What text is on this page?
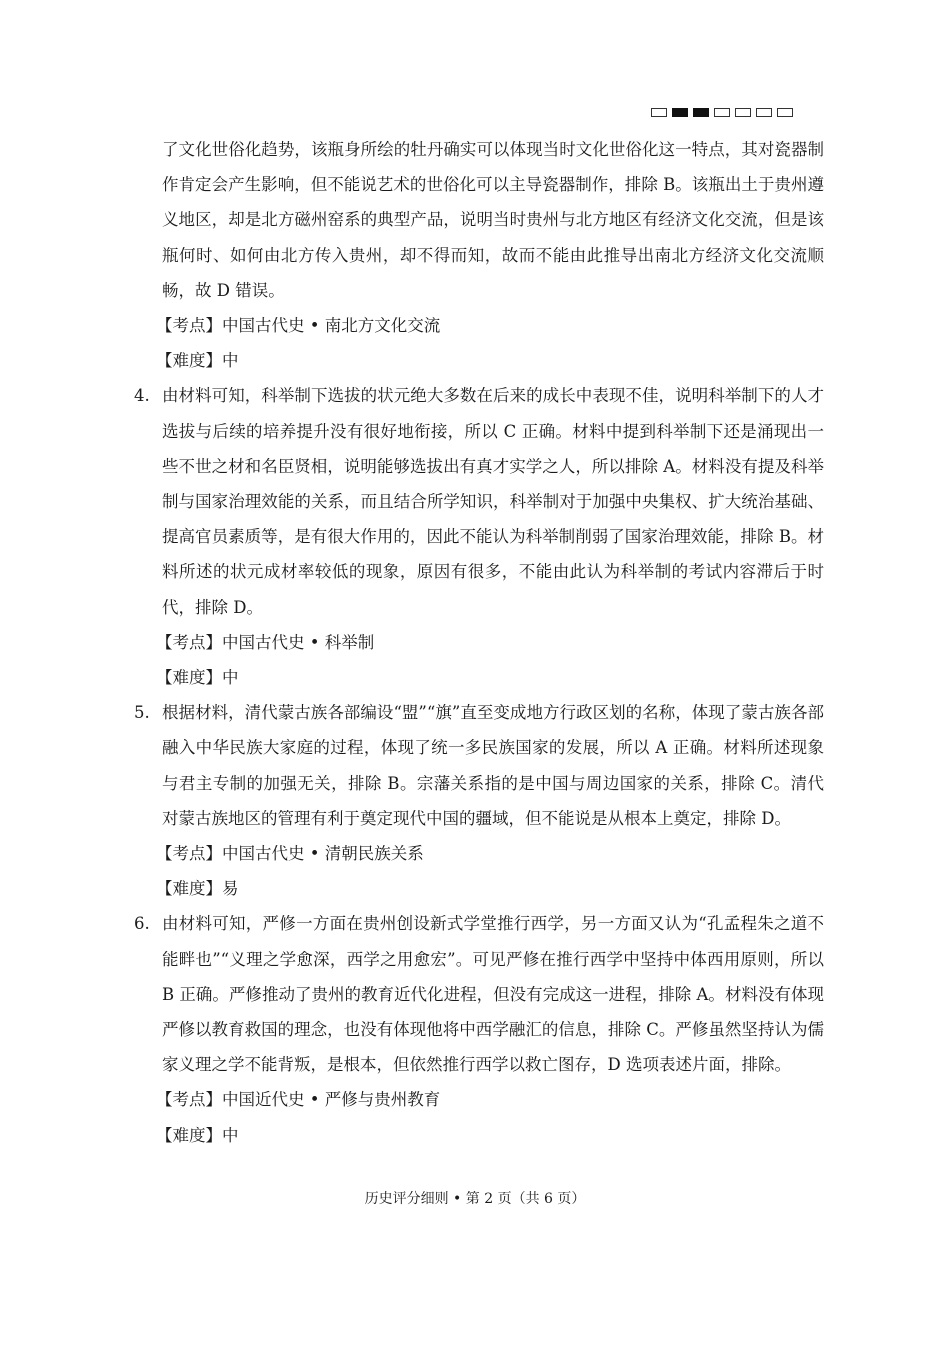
了文化世俗化趋势，该瓶身所绘的牡丹确实可以体现当时文化世俗化这一特点，其对瓷器制作肯定会产生影响，但不能说艺术的世俗化可以主导瓷器制作，排除 B。该瓶出土于贵州遵义地区，却是北方磁州窑系的典型产品，说明当时贵州与北方地区有经济文化交流，但是该瓶何时、如何由北方传入贵州，却不得而知，故而不能由此推导出南北方经济文化交流顺畅，故 D 错误。

【考点】中国古代史 • 南北方文化交流

【难度】中

4. 由材料可知，科举制下选拔的状元绝大多数在后来的成长中表现不佳，说明科举制下的人才选拔与后续的培养提升没有很好地衔接，所以 C 正确。材料中提到科举制下还是涌现出一些不世之材和名臣贤相，说明能够选拔出有真才实学之人，所以排除 A。材料没有提及科举制与国家治理效能的关系，而且结合所学知识，科举制对于加强中央集权、扩大统治基础、提高官员素质等，是有很大作用的，因此不能认为科举制削弱了国家治理效能，排除 B。材料所述的状元成材率较低的现象，原因有很多，不能由此认为科举制的考试内容滞后于时代，排除 D。

【考点】中国古代史 • 科举制

【难度】中

5. 根据材料，清代蒙古族各部编设“盟”“旗”直至变成地方行政区划的名称，体现了蒙古族各部融入中华民族大家庭的过程，体现了统一多民族国家的发展，所以 A 正确。材料所述现象与君主专制的加强无关，排除 B。宗藩关系指的是中国与周边国家的关系，排除 C。清代对蒙古族地区的管理有利于奠定现代中国的疆域，但不能说是从根本上奠定，排除 D。

【考点】中国古代史 • 清朝民族关系

【难度】易

6. 由材料可知，严修一方面在贵州创设新式学堂推行西学，另一方面又认为“孔孟程朱之道不能畔也”“义理之学愈深，西学之用愈宏”。可见严修在推行西学中坚持中体西用原则，所以 B 正确。严修推动了贵州的教育近代化进程，但没有完成这一进程，排除 A。材料没有体现严修以教育救国的理念，也没有体现他将中西学融汇的信息，排除 C。严修虽然坚持认为儒家义理之学不能背叛，是根本，但依然推行西学以救亡图存，D 选项表述片面，排除。

【考点】中国近代史 • 严修与贵州教育

【难度】中

历史评分细则 • 第 2 页（共 6 页）
